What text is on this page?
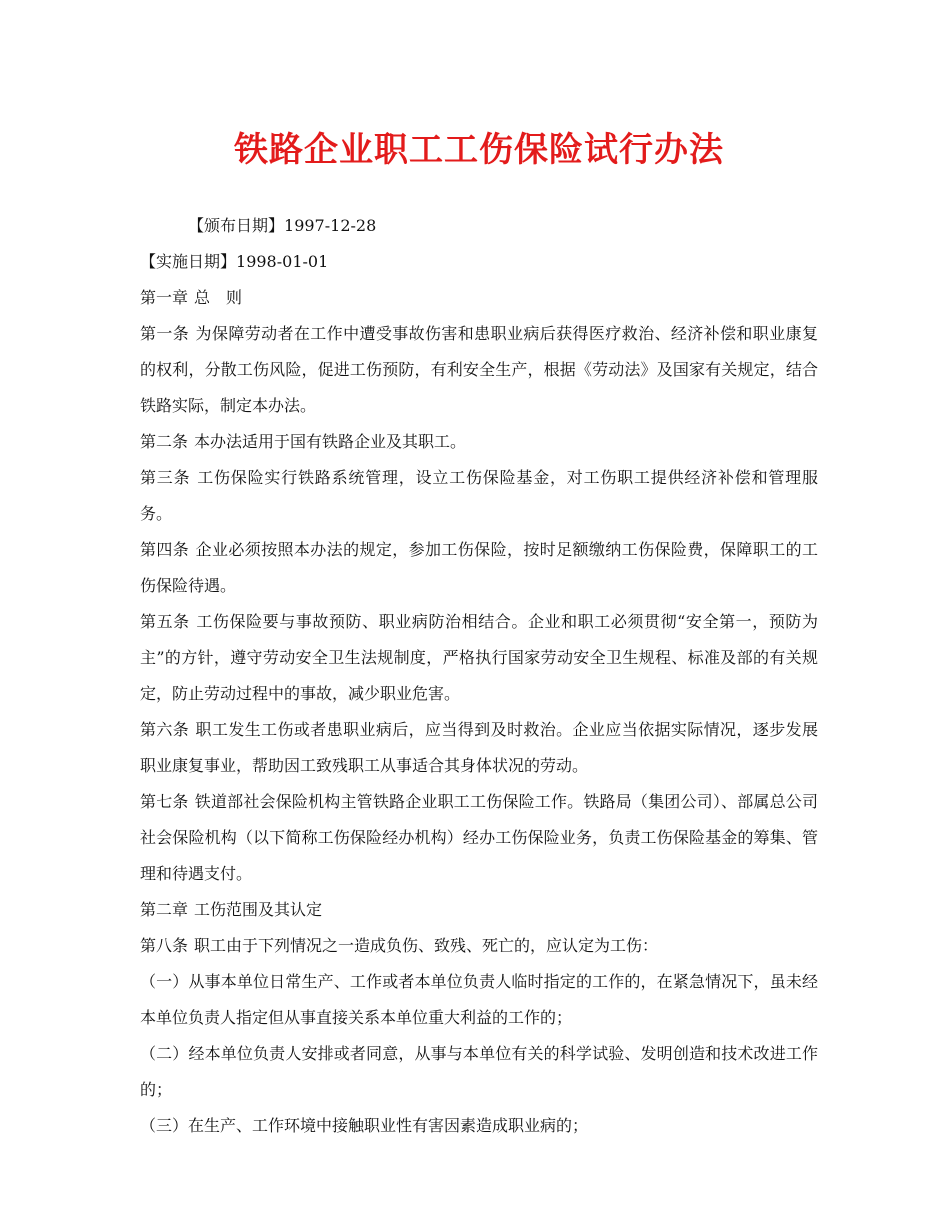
铁路企业职工工伤保险试行办法
【颁布日期】1997-12-28
【实施日期】1998-01-01

第一章 总　则

第一条 为保障劳动者在工作中遭受事故伤害和患职业病后获得医疗救治、经济补偿和职业康复的权利，分散工伤风险，促进工伤预防，有利安全生产，根据《劳动法》及国家有关规定，结合铁路实际，制定本办法。

第二条 本办法适用于国有铁路企业及其职工。

第三条 工伤保险实行铁路系统管理，设立工伤保险基金，对工伤职工提供经济补偿和管理服务。

第四条 企业必须按照本办法的规定，参加工伤保险，按时足额缴纳工伤保险费，保障职工的工伤保险待遇。

第五条 工伤保险要与事故预防、职业病防治相结合。企业和职工必须贯彻“安全第一，预防为主”的方针，遵守劳动安全卫生法规制度，严格执行国家劳动安全卫生规程、标准及部的有关规定，防止劳动过程中的事故，减少职业危害。

第六条 职工发生工伤或者患职业病后，应当得到及时救治。企业应当依据实际情况，逐步发展职业康复事业，帮助因工致残职工从事适合其身体状况的劳动。

第七条 铁道部社会保险机构主管铁路企业职工工伤保险工作。铁路局（集团公司）、部属总公司社会保险机构（以下简称工伤保险经办机构）经办工伤保险业务，负责工伤保险基金的筹集、管理和待遇支付。

第二章 工伤范围及其认定

第八条 职工由于下列情况之一造成负伤、致残、死亡的，应认定为工伤：

（一）从事本单位日常生产、工作或者本单位负责人临时指定的工作的，在紧急情况下，虽未经本单位负责人指定但从事直接关系本单位重大利益的工作的；

（二）经本单位负责人安排或者同意，从事与本单位有关的科学试验、发明创造和技术改进工作的；

（三）在生产、工作环境中接触职业性有害因素造成职业病的；
